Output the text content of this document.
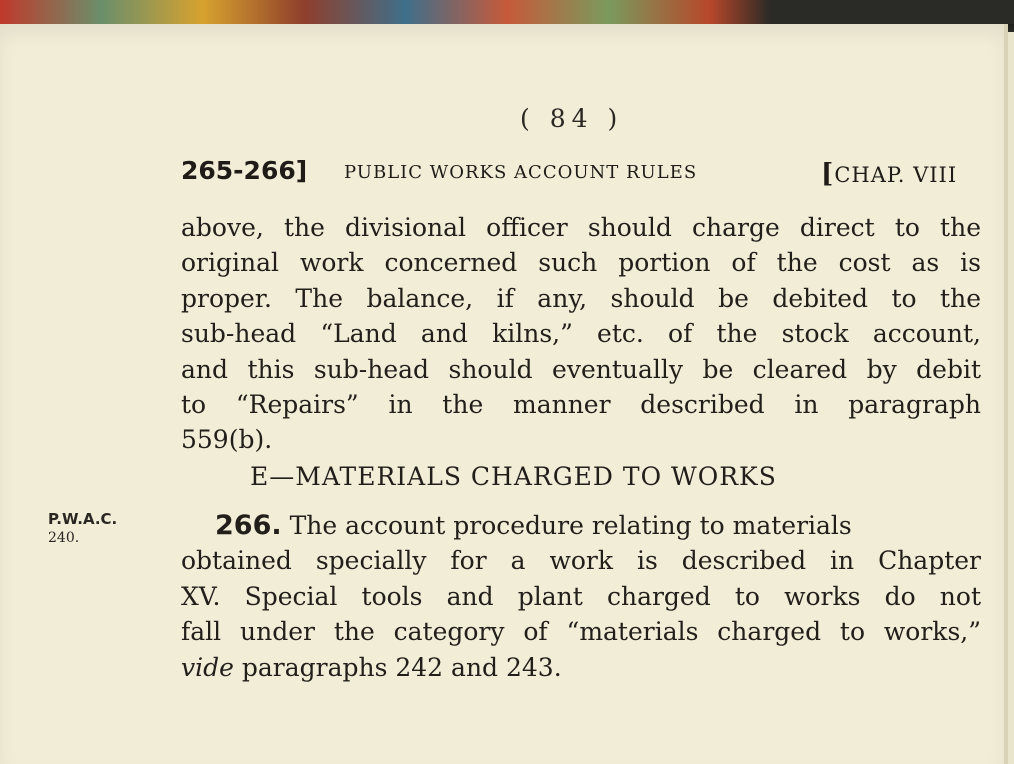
( 84 )
265-266] PUBLIC WORKS ACCOUNT RULES	[CHAP. VIII
above, the divisional officer should charge direct to the
original work concerned such portion of the cost as is
proper. The balance, if any, should be debited to the
sub-head “Land and kilns,” etc. of the stock account,
and this sub-head should eventually be cleared by debit
to “Repairs” in the manner described in paragraph
559(b).
E—MATERIALS CHARGED TO WORKS
P.W.A.C.
240.	266. The account procedure relating to materials
obtained specially for a work is described in Chapter
XV. Special tools and plant charged to works do not
fall under the category of “materials charged to works,”
vide paragraphs 242 and 243.
